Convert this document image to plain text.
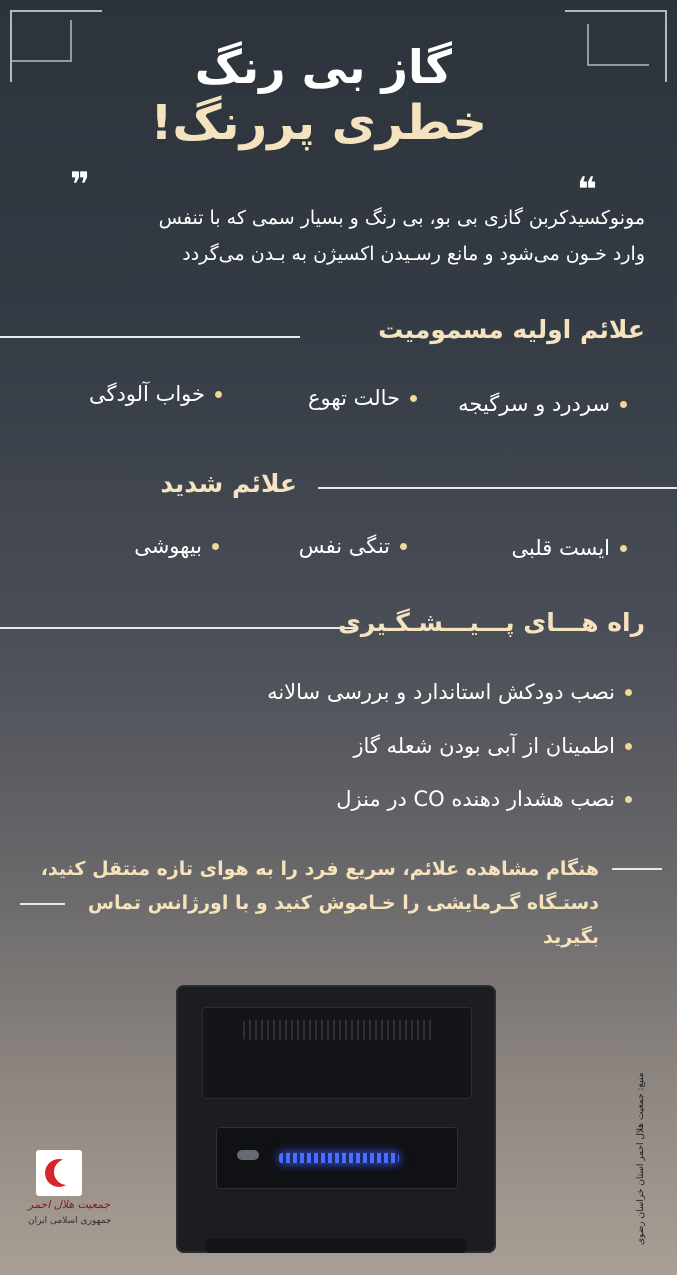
گاز بی رنگ
خطری پررنگ!
❞	❝
مونوکسیدکربن گازی بی بو، بی رنگ و بسیار سمی که با تنفس
وارد خـون می‌شود و مانع رسـیدن اکسیژن به بـدن می‌گردد
علائم اولیه مسمومیت
سردرد و سرگیجه
حالت تهوع
خواب آلودگی
علائم شدید
ایست قلبی
تنگی نفس
بیهوشی
راه هـــای پـــیـــشـگـیری
نصب دودکش استاندارد و بررسی سالانه
اطمینان از آبی بودن شعله گاز
نصب هشدار دهنده CO در منزل
هنگام مشاهده علائم، سریع فرد را به هوای تازه منتقل کنید،
دستـگاه گـرمایشی را خـاموش کنید و با اورژانس تماس بگیرید
جمعیت هلال احمر
جمهوری اسلامی ایران	منبع: جمعیت هلال احمر استان خراسان رضوی
